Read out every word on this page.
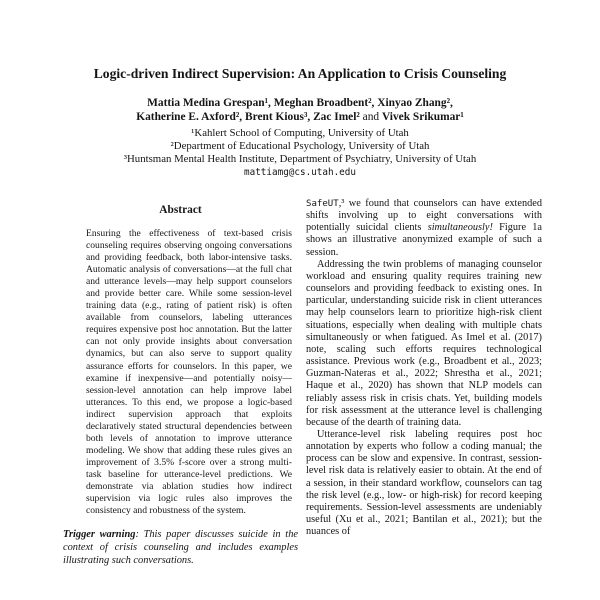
Logic-driven Indirect Supervision: An Application to Crisis Counseling
Mattia Medina Grespan¹, Meghan Broadbent², Xinyao Zhang²,
Katherine E. Axford², Brent Kious³, Zac Imel² and Vivek Srikumar¹
¹Kahlert School of Computing, University of Utah
²Department of Educational Psychology, University of Utah
³Huntsman Mental Health Institute, Department of Psychiatry, University of Utah
mattiamg@cs.utah.edu
Abstract

Ensuring the effectiveness of text-based crisis counseling requires observing ongoing conversations and providing feedback, both labor-intensive tasks. Automatic analysis of conversations—at the full chat and utterance levels—may help support counselors and provide better care. While some session-level training data (e.g., rating of patient risk) is often available from counselors, labeling utterances requires expensive post hoc annotation. But the latter can not only provide insights about conversation dynamics, but can also serve to support quality assurance efforts for counselors. In this paper, we examine if inexpensive—and potentially noisy—session-level annotation can help improve label utterances. To this end, we propose a logic-based indirect supervision approach that exploits declaratively stated structural dependencies between both levels of annotation to improve utterance modeling. We show that adding these rules gives an improvement of 3.5% f-score over a strong multi-task baseline for utterance-level predictions. We demonstrate via ablation studies how indirect supervision via logic rules also improves the consistency and robustness of the system.

Trigger warning: This paper discusses suicide in the context of crisis counseling and includes examples illustrating such conversations.

SafeUT,³ we found that counselors can have extended shifts involving up to eight conversations with potentially suicidal clients simultaneously! Figure 1a shows an illustrative anonymized example of such a session.

Addressing the twin problems of managing counselor workload and ensuring quality requires training new counselors and providing feedback to existing ones. In particular, understanding suicide risk in client utterances may help counselors learn to prioritize high-risk client situations, especially when dealing with multiple chats simultaneously or when fatigued. As Imel et al. (2017) note, scaling such efforts requires technological assistance. Previous work (e.g., Broadbent et al., 2023; Guzman-Nateras et al., 2022; Shrestha et al., 2021; Haque et al., 2020) has shown that NLP models can reliably assess risk in crisis chats. Yet, building models for risk assessment at the utterance level is challenging because of the dearth of training data.

Utterance-level risk labeling requires post hoc annotation by experts who follow a coding manual; the process can be slow and expensive. In contrast, session-level risk data is relatively easier to obtain. At the end of a session, in their standard workflow, counselors can tag the risk level (e.g., low- or high-risk) for record keeping requirements. Session-level assessments are undeniably useful (Xu et al., 2021; Bantilan et al., 2021); but the nuances of
